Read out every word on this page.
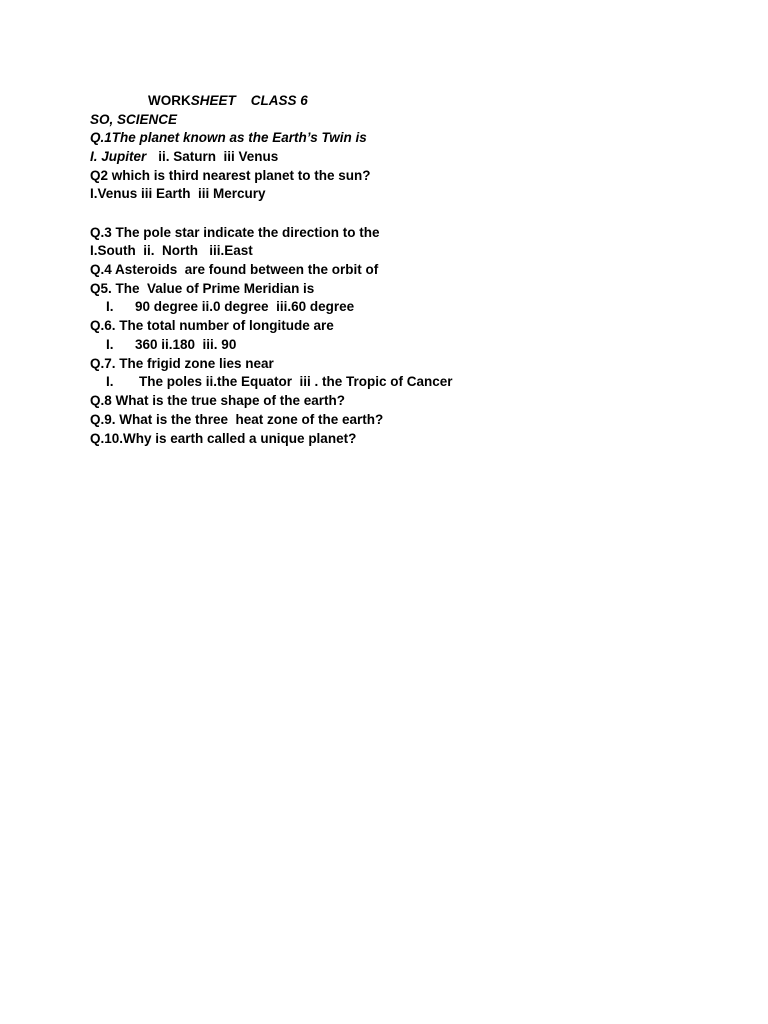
WORKSHEET CLASS 6
SO, SCIENCE
Q.1The planet known as the Earth’s Twin is
I. Jupiter ii. Saturn  iii Venus
Q2 which is third nearest planet to the sun?
I.Venus iii Earth  iii Mercury
Q.3 The pole star indicate the direction to the
I.South  ii.  North   iii.East
Q.4 Asteroids  are found between the orbit of
Q5. The  Value of Prime Meridian is
I. 90 degree ii.0 degree  iii.60 degree
Q.6. The total number of longitude are
I. 360 ii.180  iii. 90
Q.7. The frigid zone lies near
I. The poles ii.the Equator  iii . the Tropic of Cancer
Q.8 What is the true shape of the earth?
Q.9. What is the three  heat zone of the earth?
Q.10.Why is earth called a unique planet?
